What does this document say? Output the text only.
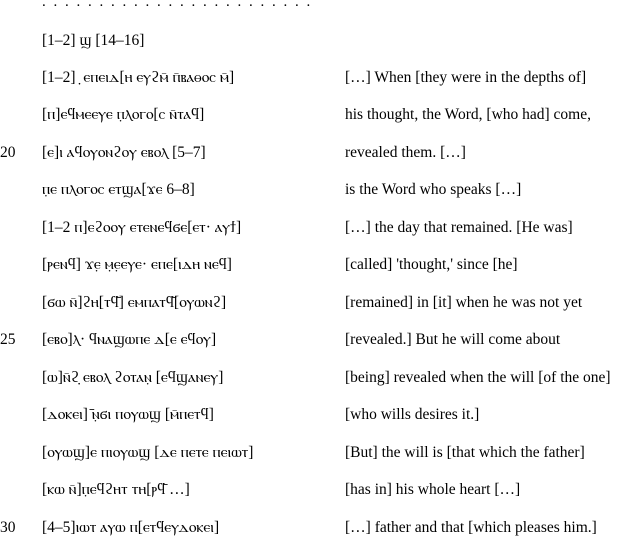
. . . . . . . . . . . . . . . . . . . . . . . .
[1–2] ϣ [14–16]
[1–2] ̣ ⲉⲡⲉⲓⲇ[ⲏ ⲉⲩϩⲙ̄ ⲡ̄ⲃⲁⲑⲟⲥ ⲙ̄]	[…] When [they were in the depths of]
[ⲡ]ⲉϥⲙⲉⲉⲩⲉ ⲡ̣ⲗⲟⲅⲟ[ⲥ ⲛ̄ⲧⲁϥ]	his thought, the Word, [who had] come,
20 [ⲉ]ⲓ ⲁϥⲟⲩⲟⲛϩⲟⲩ ⲉⲃⲟⲗ [5–7]	revealed them. […]
ⲡ̣ⲉ ⲡⲗⲟⲅⲟⲥ ⲉⲧϣⲁ[ϫⲉ 6–8]	is the Word who speaks […]
[1–2 ⲡ]ⲉϩⲟⲟⲩ ⲉⲧⲉⲛⲉϥϭⲉ[ⲉⲧ· ⲁⲩϯ]	[…] the day that remained. [He was]
[ⲣⲉⲛϥ] ϫⲉ̣ ⲙ̣ⲉ̣ⲉⲩⲉ· ⲉⲡⲉ[ⲓⲇⲏ ⲛⲉϥ]	[called] 'thought,' since [he]
[ϭⲱ ⲛ̄]ϩⲏ[ⲧϥ̄] ⲉⲙⲡⲁⲧϥ̄[ⲟⲩⲱⲛϩ]	[remained] in [it] when he was not yet
25 [ⲉⲃⲟ]ⲗ· ϥⲛⲁϣⲱⲡⲉ ⲇ[ⲉ ⲉϥⲟⲩ]	[revealed.] But he will come about
[ⲱ]ⲛ̄ϩ̣ ⲉⲃⲟⲗ ϩⲟⲧⲁⲛ̣ [ⲉϥϣⲁⲛⲉⲩ]	[being] revealed when the will [of the one]
[ⲇⲟⲕⲉⲓ] ̄ⲛ̣ϭⲓ ⲡⲟⲩⲱϣ [ⲙ̄ⲡⲉⲧϥ]	[who wills desires it.]
[ⲟⲩⲱϣ]ⲉ ⲡⲓⲟⲩⲱϣ [ⲇⲉ ⲡⲉⲧⲉ ⲡⲉⲓⲱⲧ]	[But] the will is [that which the father]
[ⲕⲱ ⲛ̄]ⲡ̣ⲉϥϩⲏⲧ ⲧⲏ[ⲣϥ̄ …]	[has in] his whole heart […]
30 [4–5]ⲓⲱⲧ ⲁⲩⲱ ⲡ[ⲉⲧϥⲉⲩⲇⲟⲕⲉⲓ]	[…] father and that [which pleases him.]
